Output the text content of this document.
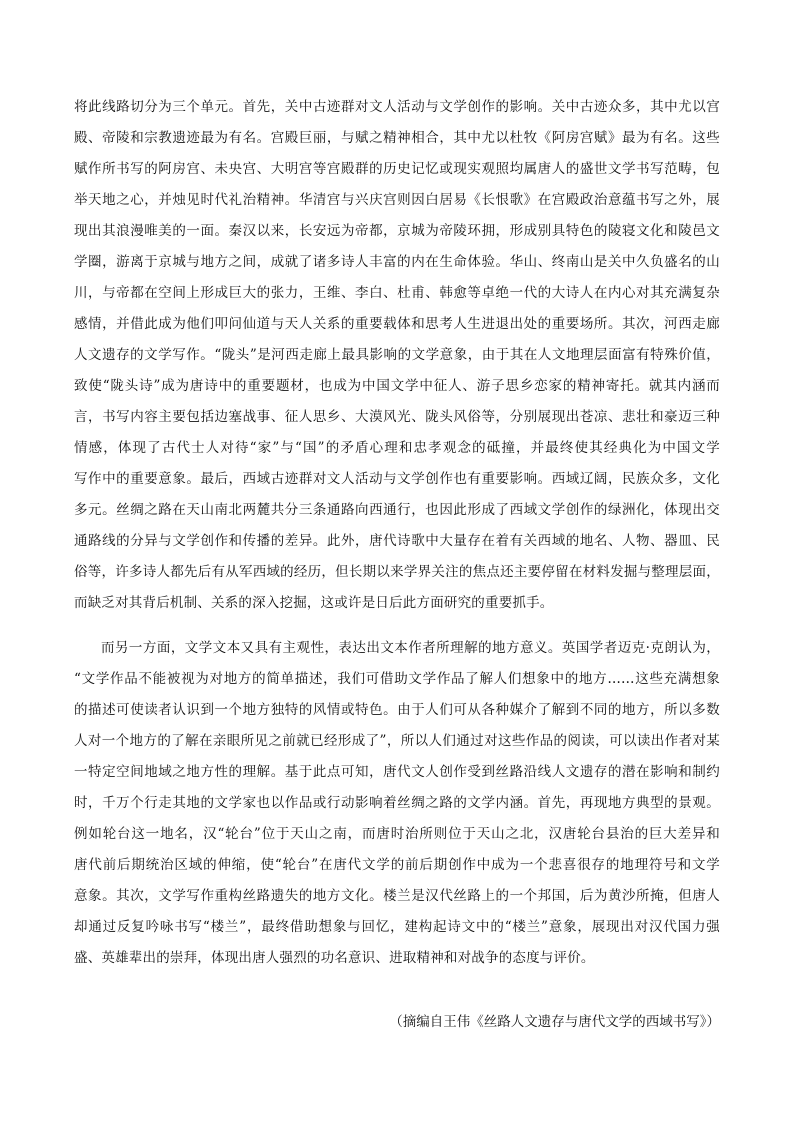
将此线路切分为三个单元。首先，关中古迹群对文人活动与文学创作的影响。关中古迹众多，其中尤以宫
殿、帝陵和宗教遗迹最为有名。宫殿巨丽，与赋之精神相合，其中尤以杜牧《阿房宫赋》最为有名。这些
赋作所书写的阿房宫、未央宫、大明宫等宫殿群的历史记忆或现实观照均属唐人的盛世文学书写范畴，包
举天地之心，并烛见时代礼治精神。华清宫与兴庆宫则因白居易《长恨歌》在宫殿政治意蕴书写之外，展
现出其浪漫唯美的一面。秦汉以来，长安远为帝都，京城为帝陵环拥，形成别具特色的陵寝文化和陵邑文
学圈，游离于京城与地方之间，成就了诸多诗人丰富的内在生命体验。华山、终南山是关中久负盛名的山
川，与帝都在空间上形成巨大的张力，王维、李白、杜甫、韩愈等卓绝一代的大诗人在内心对其充满复杂
感情，并借此成为他们叩问仙道与天人关系的重要载体和思考人生进退出处的重要场所。其次，河西走廊
人文遗存的文学写作。“陇头”是河西走廊上最具影响的文学意象，由于其在人文地理层面富有特殊价值，
致使“陇头诗”成为唐诗中的重要题材，也成为中国文学中征人、游子思乡恋家的精神寄托。就其内涵而
言，书写内容主要包括边塞战事、征人思乡、大漠风光、陇头风俗等，分别展现出苍凉、悲壮和豪迈三种
情感，体现了古代士人对待“家”与“国”的矛盾心理和忠孝观念的砥撞，并最终使其经典化为中国文学
写作中的重要意象。最后，西域古迹群对文人活动与文学创作也有重要影响。西域辽阔，民族众多，文化
多元。丝绸之路在天山南北两麓共分三条通路向西通行，也因此形成了西域文学创作的绿洲化，体现出交
通路线的分异与文学创作和传播的差异。此外，唐代诗歌中大量存在着有关西域的地名、人物、器皿、民
俗等，许多诗人都先后有从军西域的经历，但长期以来学界关注的焦点还主要停留在材料发掘与整理层面，
而缺乏对其背后机制、关系的深入挖掘，这或许是日后此方面研究的重要抓手。
而另一方面，文学文本又具有主观性，表达出文本作者所理解的地方意义。英国学者迈克·克朗认为，
“文学作品不能被视为对地方的简单描述，我们可借助文学作品了解人们想象中的地方……这些充满想象
的描述可使读者认识到一个地方独特的风情或特色。由于人们可从各种媒介了解到不同的地方，所以多数
人对一个地方的了解在亲眼所见之前就已经形成了”，所以人们通过对这些作品的阅读，可以读出作者对某
一特定空间地域之地方性的理解。基于此点可知，唐代文人创作受到丝路沿线人文遗存的潜在影响和制约
时，千万个行走其地的文学家也以作品或行动影响着丝绸之路的文学内涵。首先，再现地方典型的景观。
例如轮台这一地名，汉“轮台”位于天山之南，而唐时治所则位于天山之北，汉唐轮台县治的巨大差异和
唐代前后期统治区域的伸缩，使“轮台”在唐代文学的前后期创作中成为一个悲喜很存的地理符号和文学
意象。其次，文学写作重构丝路遗失的地方文化。楼兰是汉代丝路上的一个邦国，后为黄沙所掩，但唐人
却通过反复吟咏书写“楼兰”，最终借助想象与回忆，建构起诗文中的“楼兰”意象，展现出对汉代国力强
盛、英雄辈出的崇拜，体现出唐人强烈的功名意识、进取精神和对战争的态度与评价。
（摘编自王伟《丝路人文遗存与唐代文学的西域书写》）
